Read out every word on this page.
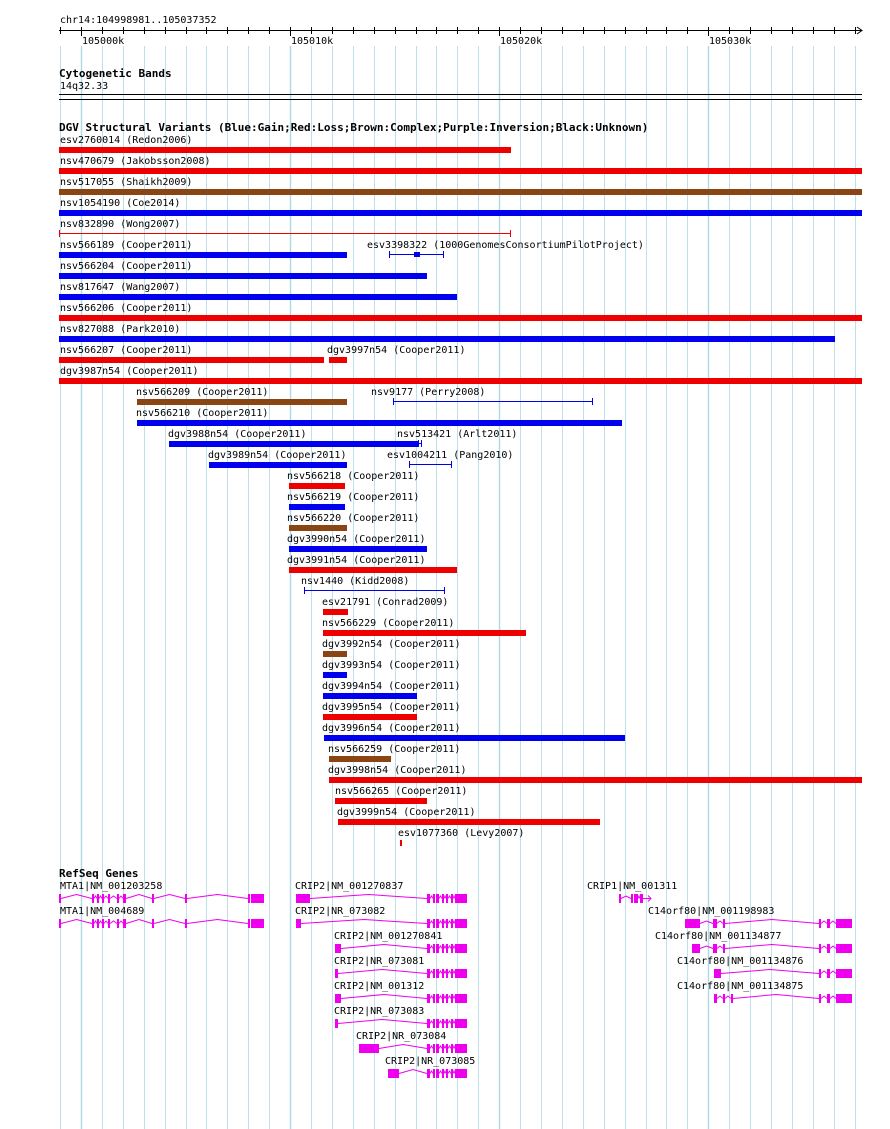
chr14:104998981..105037352
105000k	105010k	105020k	105030k
Cytogenetic Bands
14q32.33
DGV Structural Variants (Blue:Gain;Red:Loss;Brown:Complex;Purple:Inversion;Black:Unknown)
esv2760014 (Redon2006)
nsv470679 (Jakobsson2008)
nsv517055 (Shaikh2009)
nsv1054190 (Coe2014)
nsv832890 (Wong2007)
nsv566189 (Cooper2011)	esv3398322 (1000GenomesConsortiumPilotProject)
nsv566204 (Cooper2011)
nsv817647 (Wang2007)
nsv566206 (Cooper2011)
nsv827088 (Park2010)
nsv566207 (Cooper2011)	dgv3997n54 (Cooper2011)
dgv3987n54 (Cooper2011)
nsv566209 (Cooper2011)	nsv9177 (Perry2008)
nsv566210 (Cooper2011)
dgv3988n54 (Cooper2011)	nsv513421 (Arlt2011)
dgv3989n54 (Cooper2011)	esv1004211 (Pang2010)
nsv566218 (Cooper2011)
nsv566219 (Cooper2011)
nsv566220 (Cooper2011)
dgv3990n54 (Cooper2011)
dgv3991n54 (Cooper2011)
nsv1440 (Kidd2008)
esv21791 (Conrad2009)
nsv566229 (Cooper2011)
dgv3992n54 (Cooper2011)
dgv3993n54 (Cooper2011)
dgv3994n54 (Cooper2011)
dgv3995n54 (Cooper2011)
dgv3996n54 (Cooper2011)
nsv566259 (Cooper2011)
dgv3998n54 (Cooper2011)
nsv566265 (Cooper2011)
dgv3999n54 (Cooper2011)
esv1077360 (Levy2007)
RefSeq Genes
MTA1|NM_001203258
MTA1|NM_004689
CRIP2|NM_001270837
CRIP2|NR_073082
CRIP2|NM_001270841
CRIP2|NR_073081
CRIP2|NM_001312
CRIP2|NR_073083
CRIP2|NR_073084
CRIP2|NR_073085
CRIP1|NM_001311
C14orf80|NM_001198983
C14orf80|NM_001134877
C14orf80|NM_001134876
C14orf80|NM_001134875
